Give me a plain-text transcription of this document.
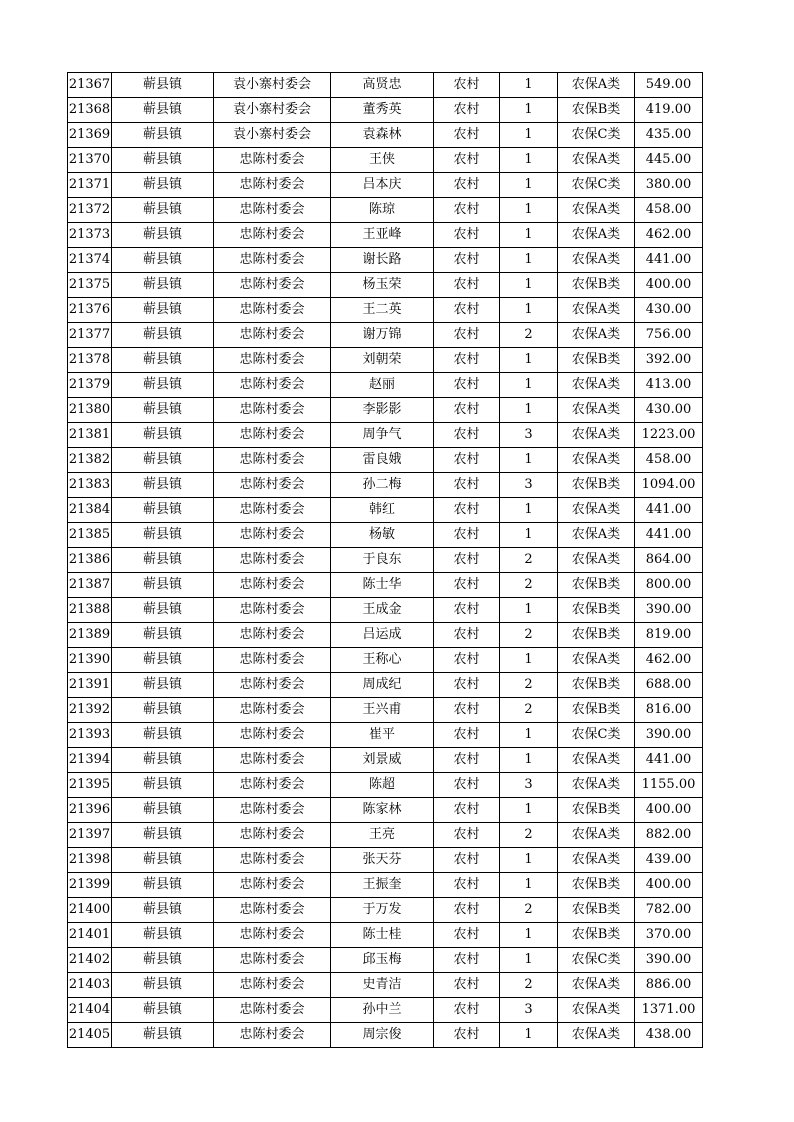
21367	蕲县镇	袁小寨村委会	高贤忠	农村	1	农保A类	549.00
21368	蕲县镇	袁小寨村委会	董秀英	农村	1	农保B类	419.00
21369	蕲县镇	袁小寨村委会	袁森林	农村	1	农保C类	435.00
21370	蕲县镇	忠陈村委会	王侠	农村	1	农保A类	445.00
21371	蕲县镇	忠陈村委会	吕本庆	农村	1	农保C类	380.00
21372	蕲县镇	忠陈村委会	陈琼	农村	1	农保A类	458.00
21373	蕲县镇	忠陈村委会	王亚峰	农村	1	农保A类	462.00
21374	蕲县镇	忠陈村委会	谢长路	农村	1	农保A类	441.00
21375	蕲县镇	忠陈村委会	杨玉荣	农村	1	农保B类	400.00
21376	蕲县镇	忠陈村委会	王二英	农村	1	农保A类	430.00
21377	蕲县镇	忠陈村委会	谢万锦	农村	2	农保A类	756.00
21378	蕲县镇	忠陈村委会	刘朝荣	农村	1	农保B类	392.00
21379	蕲县镇	忠陈村委会	赵丽	农村	1	农保A类	413.00
21380	蕲县镇	忠陈村委会	李影影	农村	1	农保A类	430.00
21381	蕲县镇	忠陈村委会	周争气	农村	3	农保A类	1223.00
21382	蕲县镇	忠陈村委会	雷良娥	农村	1	农保A类	458.00
21383	蕲县镇	忠陈村委会	孙二梅	农村	3	农保B类	1094.00
21384	蕲县镇	忠陈村委会	韩红	农村	1	农保A类	441.00
21385	蕲县镇	忠陈村委会	杨敏	农村	1	农保A类	441.00
21386	蕲县镇	忠陈村委会	于良东	农村	2	农保A类	864.00
21387	蕲县镇	忠陈村委会	陈士华	农村	2	农保B类	800.00
21388	蕲县镇	忠陈村委会	王成金	农村	1	农保B类	390.00
21389	蕲县镇	忠陈村委会	吕运成	农村	2	农保B类	819.00
21390	蕲县镇	忠陈村委会	王称心	农村	1	农保A类	462.00
21391	蕲县镇	忠陈村委会	周成纪	农村	2	农保B类	688.00
21392	蕲县镇	忠陈村委会	王兴甫	农村	2	农保B类	816.00
21393	蕲县镇	忠陈村委会	崔平	农村	1	农保C类	390.00
21394	蕲县镇	忠陈村委会	刘景威	农村	1	农保A类	441.00
21395	蕲县镇	忠陈村委会	陈超	农村	3	农保A类	1155.00
21396	蕲县镇	忠陈村委会	陈家林	农村	1	农保B类	400.00
21397	蕲县镇	忠陈村委会	王亮	农村	2	农保A类	882.00
21398	蕲县镇	忠陈村委会	张天芬	农村	1	农保A类	439.00
21399	蕲县镇	忠陈村委会	王振奎	农村	1	农保B类	400.00
21400	蕲县镇	忠陈村委会	于万发	农村	2	农保B类	782.00
21401	蕲县镇	忠陈村委会	陈士桂	农村	1	农保B类	370.00
21402	蕲县镇	忠陈村委会	邱玉梅	农村	1	农保C类	390.00
21403	蕲县镇	忠陈村委会	史青洁	农村	2	农保A类	886.00
21404	蕲县镇	忠陈村委会	孙中兰	农村	3	农保A类	1371.00
21405	蕲县镇	忠陈村委会	周宗俊	农村	1	农保A类	438.00
